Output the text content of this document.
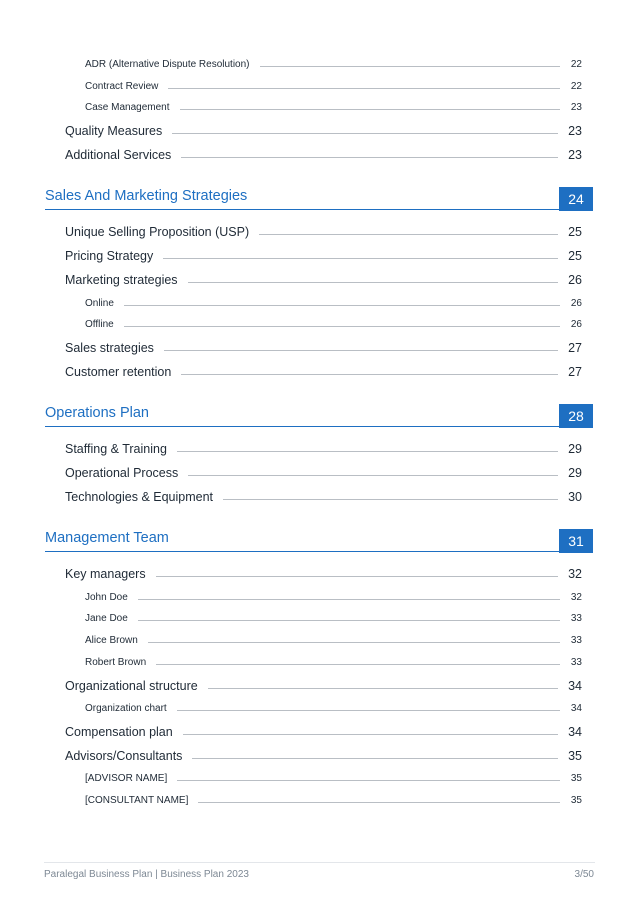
ADR (Alternative Dispute Resolution)	22
Contract Review	22
Case Management	23
Quality Measures	23
Additional Services	23
Sales And Marketing Strategies	24
Unique Selling Proposition (USP)	25
Pricing Strategy	25
Marketing strategies	26
Online	26
Offline	26
Sales strategies	27
Customer retention	27
Operations Plan	28
Staffing & Training	29
Operational Process	29
Technologies & Equipment	30
Management Team	31
Key managers	32
John Doe	32
Jane Doe	33
Alice Brown	33
Robert Brown	33
Organizational structure	34
Organization chart	34
Compensation plan	34
Advisors/Consultants	35
[ADVISOR NAME]	35
[CONSULTANT NAME]	35
Paralegal Business Plan | Business Plan 2023	3/50
